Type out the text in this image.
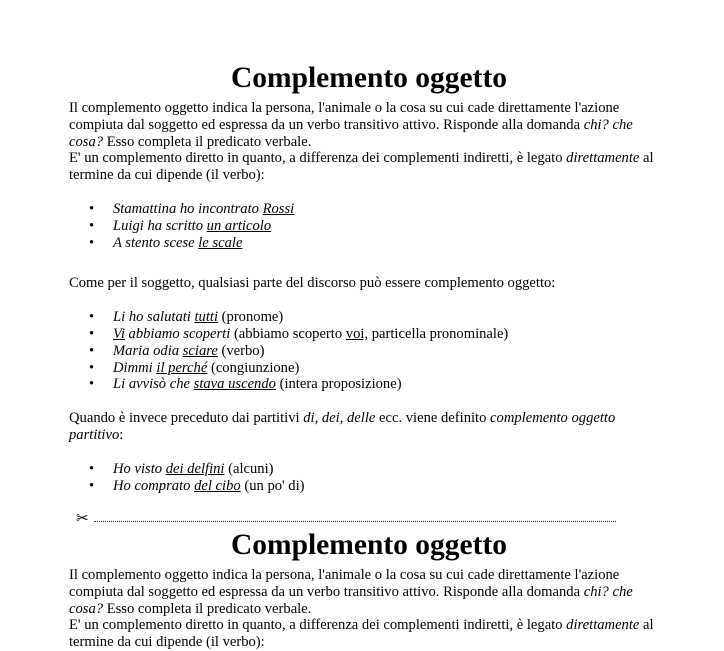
Complemento oggetto

Il complemento oggetto indica la persona, l'animale o la cosa su cui cade direttamente l'azione compiuta dal soggetto ed espressa da un verbo transitivo attivo. Risponde alla domanda chi? che cosa? Esso completa il predicato verbale.

E' un complemento diretto in quanto, a differenza dei complementi indiretti, è legato direttamente al termine da cui dipende (il verbo):

• Stamattina ho incontrato Rossi
• Luigi ha scritto un articolo
• A stento scese le scale

Come per il soggetto, qualsiasi parte del discorso può essere complemento oggetto:

• Li ho salutati tutti (pronome)
• Vi abbiamo scoperti (abbiamo scoperto voi, particella pronominale)
• Maria odia sciare (verbo)
• Dimmi il perché (congiunzione)
• Li avvisò che stava uscendo (intera proposizione)

Quando è invece preceduto dai partitivi di, dei, delle ecc. viene definito complemento oggetto partitivo:

• Ho visto dei delfini (alcuni)
• Ho comprato del cibo (un po' di)
✂
Complemento oggetto

Il complemento oggetto indica la persona, l'animale o la cosa su cui cade direttamente l'azione compiuta dal soggetto ed espressa da un verbo transitivo attivo. Risponde alla domanda chi? che cosa? Esso completa il predicato verbale.

E' un complemento diretto in quanto, a differenza dei complementi indiretti, è legato direttamente al termine da cui dipende (il verbo):
